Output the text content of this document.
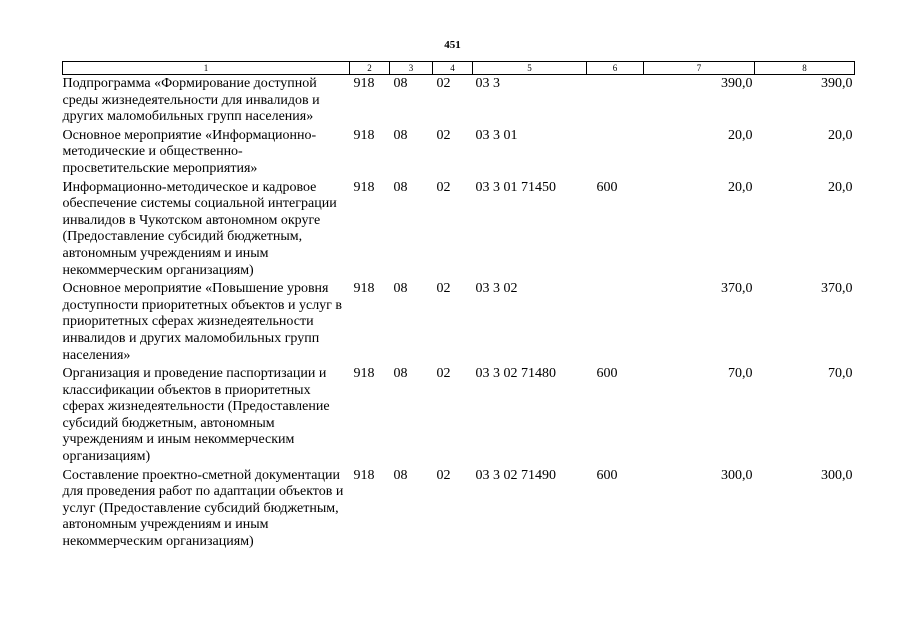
451
1	2	3	4	5	6	7	8
Подпрограмма «Формирование доступной среды жизнедеятельности для инвалидов и других маломобильных групп населения»	918	08	02	03 3		390,0	390,0
Основное мероприятие «Информационно-методические и общественно-просветительские мероприятия»	918	08	02	03 3 01		20,0	20,0
Информационно-методическое и кадровое обеспечение системы социальной интеграции инвалидов в Чукотском автономном округе (Предоставление субсидий бюджетным, автономным учреждениям и иным некоммерческим организациям)	918	08	02	03 3 01 71450	600	20,0	20,0
Основное мероприятие «Повышение уровня доступности приоритетных объектов и услуг в приоритетных сферах жизнедеятельности инвалидов и других маломобильных групп населения»	918	08	02	03 3 02		370,0	370,0
Организация и проведение паспортизации и классификации объектов в приоритетных сферах жизнедеятельности (Предоставление субсидий бюджетным, автономным учреждениям и иным некоммерческим организациям)	918	08	02	03 3 02 71480	600	70,0	70,0
Составление проектно-сметной документации для проведения работ по адаптации объектов и услуг (Предоставление субсидий бюджетным, автономным учреждениям и иным некоммерческим организациям)	918	08	02	03 3 02 71490	600	300,0	300,0
